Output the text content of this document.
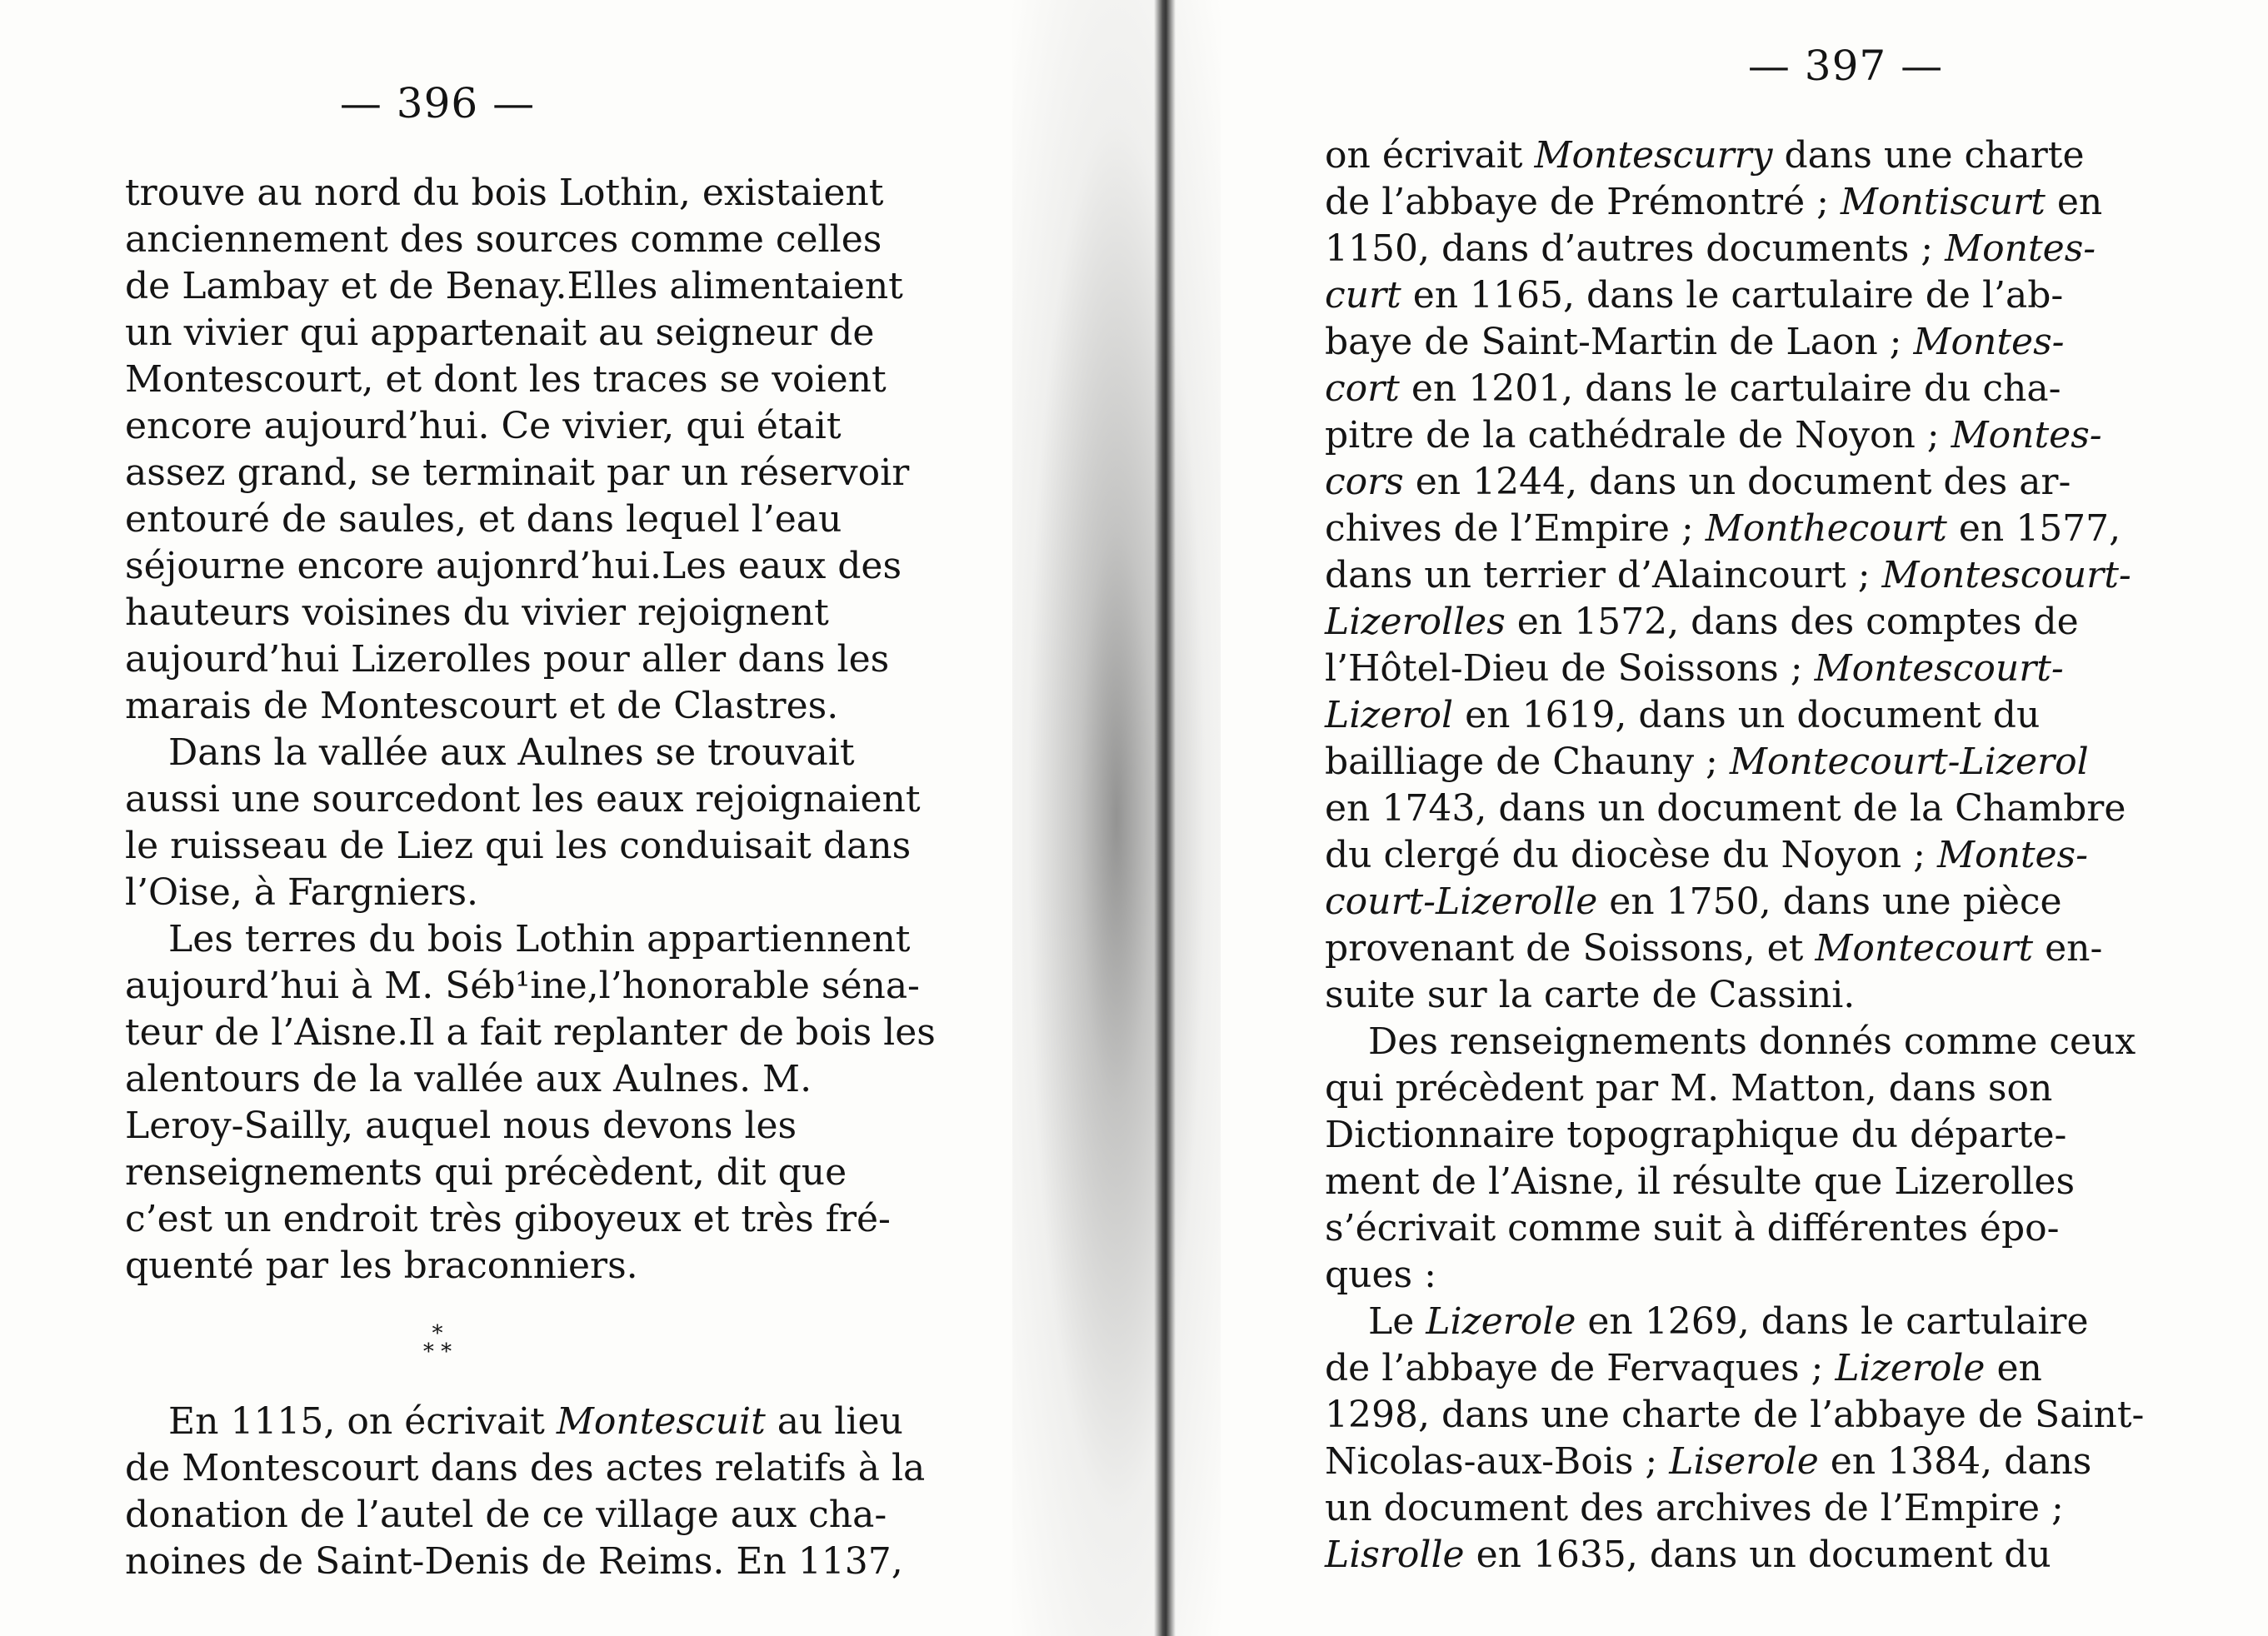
— 396 —
trouve au nord du bois Lothin, existaient
anciennement des sources comme celles
de Lambay et de Benay.Elles alimentaient
un vivier qui appartenait au seigneur de
Montescourt, et dont les traces se voient
encore aujourd’hui. Ce vivier, qui était
assez grand, se terminait par un réservoir
entouré de saules, et dans lequel l’eau
séjourne encore aujonrd’hui.Les eaux des
hauteurs voisines du vivier rejoignent
aujourd’hui Lizerolles pour aller dans les
marais de Montescourt et de Clastres.
Dans la vallée aux Aulnes se trouvait
aussi une sourcedont les eaux rejoignaient
le ruisseau de Liez qui les conduisait dans
l’Oise, à Fargniers.
Les terres du bois Lothin appartiennent
aujourd’hui à M. Séb¹ine,l’honorable séna-
teur de l’Aisne.Il a fait replanter de bois les
alentours de la vallée aux Aulnes. M.
Leroy-Sailly, auquel nous devons les
renseignements qui précèdent, dit que
c’est un endroit très giboyeux et très fré-
quenté par les braconniers.
*
* *
En 1115, on écrivait Montescuit au lieu
de Montescourt dans des actes relatifs à la
donation de l’autel de ce village aux cha-
noines de Saint-Denis de Reims. En 1137,
— 397 —
on écrivait Montescurry dans une charte
de l’abbaye de Prémontré ; Montiscurt en
1150, dans d’autres documents ; Montes-
curt en 1165, dans le cartulaire de l’ab-
baye de Saint-Martin de Laon ; Montes-
cort en 1201, dans le cartulaire du cha-
pitre de la cathédrale de Noyon ; Montes-
cors en 1244, dans un document des ar-
chives de l’Empire ; Monthecourt en 1577,
dans un terrier d’Alaincourt ; Montescourt-
Lizerolles en 1572, dans des comptes de
l’Hôtel-Dieu de Soissons ; Montescourt-
Lizerol en 1619, dans un document du
bailliage de Chauny ; Montecourt-Lizerol
en 1743, dans un document de la Chambre
du clergé du diocèse du Noyon ; Montes-
court-Lizerolle en 1750, dans une pièce
provenant de Soissons, et Montecourt en-
suite sur la carte de Cassini.
Des renseignements donnés comme ceux
qui précèdent par M. Matton, dans son
Dictionnaire topographique du départe-
ment de l’Aisne, il résulte que Lizerolles
s’écrivait comme suit à différentes épo-
ques :
Le Lizerole en 1269, dans le cartulaire
de l’abbaye de Fervaques ; Lizerole en
1298, dans une charte de l’abbaye de Saint-
Nicolas-aux-Bois ; Liserole en 1384, dans
un document des archives de l’Empire ;
Lisrolle en 1635, dans un document du
